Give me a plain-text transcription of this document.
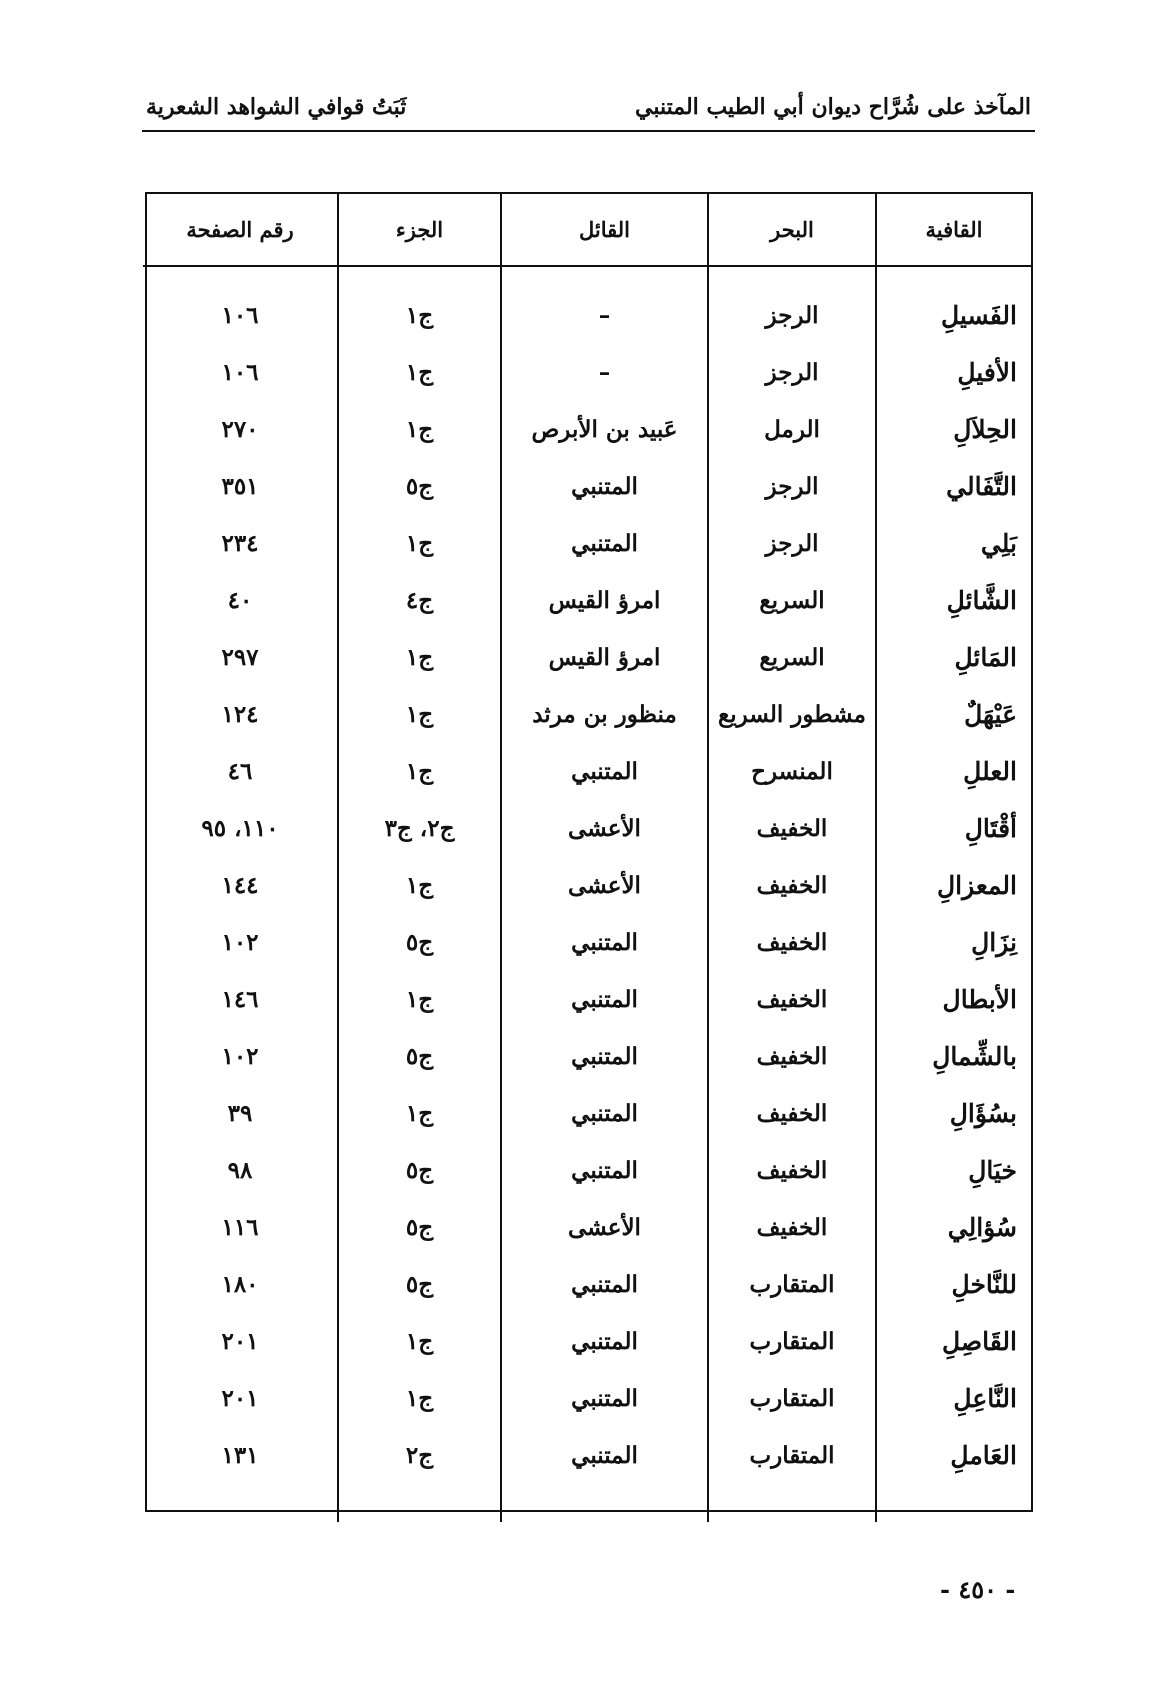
المآخذ على شُرَّاح ديوان أبي الطيب المتنبي
ثَبَتُ قوافي الشواهد الشعرية
القافية	البحر	القائل	الجزء	رقم الصفحة
الفَسيلِ	الرجز	–	ج١	١٠٦
الأفيلِ	الرجز	–	ج١	١٠٦
الحِلاَلِ	الرمل	عَبيد بن الأبرص	ج١	٢٧٠
التَّفَالي	الرجز	المتنبي	ج٥	٣٥١
بَلِي	الرجز	المتنبي	ج١	٢٣٤
الشَّائلِ	السريع	امرؤ القيس	ج٤	٤٠
المَائلِ	السريع	امرؤ القيس	ج١	٢٩٧
عَيْهَلٌ	مشطور السريع	منظور بن مرثد	ج١	١٢٤
العللِ	المنسرح	المتنبي	ج١	٤٦
أقْتَالِ	الخفيف	الأعشى	ج٢، ج٣	١١٠، ٩٥
المعزالِ	الخفيف	الأعشى	ج١	١٤٤
نِزَالِ	الخفيف	المتنبي	ج٥	١٠٢
الأبطال	الخفيف	المتنبي	ج١	١٤٦
بالشِّمالِ	الخفيف	المتنبي	ج٥	١٠٢
بسُؤَالِ	الخفيف	المتنبي	ج١	٣٩
خيَالِ	الخفيف	المتنبي	ج٥	٩٨
سُؤالِي	الخفيف	الأعشى	ج٥	١١٦
للنَّاخلِ	المتقارب	المتنبي	ج٥	١٨٠
القَاصِلِ	المتقارب	المتنبي	ج١	٢٠١
النَّاعِلِ	المتقارب	المتنبي	ج١	٢٠١
العَاملِ	المتقارب	المتنبي	ج٢	١٣١

- ٤٥٠ -
